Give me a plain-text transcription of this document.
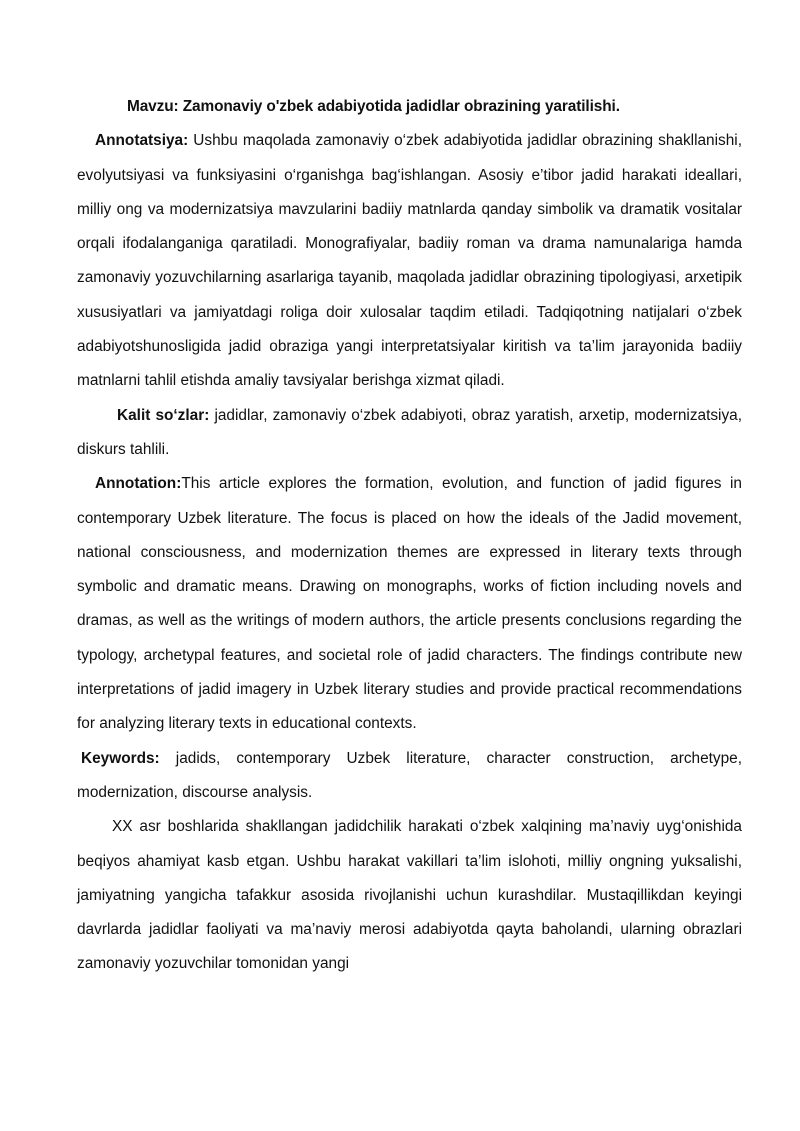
Mavzu: Zamonaviy o'zbek adabiyotida jadidlar obrazining yaratilishi.

Annotatsiya: Ushbu maqolada zamonaviy o‘zbek adabiyotida jadidlar obrazining shakllanishi, evolyutsiyasi va funksiyasini o‘rganishga bag‘ishlangan. Asosiy e’tibor jadid harakati ideallari, milliy ong va modernizatsiya mavzularini badiiy matnlarda qanday simbolik va dramatik vositalar orqali ifodalanganiga qaratiladi. Monografiyalar, badiiy roman va drama namunalariga hamda zamonaviy yozuvchilarning asarlariga tayanib, maqolada jadidlar obrazining tipologiyasi, arxetipik xususiyatlari va jamiyatdagi roliga doir xulosalar taqdim etiladi. Tadqiqotning natijalari o‘zbek adabiyotshunosligida jadid obraziga yangi interpretatsiyalar kiritish va ta’lim jarayonida badiiy matnlarni tahlil etishda amaliy tavsiyalar berishga xizmat qiladi.

Kalit so‘zlar: jadidlar, zamonaviy o‘zbek adabiyoti, obraz yaratish, arxetip, modernizatsiya, diskurs tahlili.

Annotation:This article explores the formation, evolution, and function of jadid figures in contemporary Uzbek literature. The focus is placed on how the ideals of the Jadid movement, national consciousness, and modernization themes are expressed in literary texts through symbolic and dramatic means. Drawing on monographs, works of fiction including novels and dramas, as well as the writings of modern authors, the article presents conclusions regarding the typology, archetypal features, and societal role of jadid characters. The findings contribute new interpretations of jadid imagery in Uzbek literary studies and provide practical recommendations for analyzing literary texts in educational contexts.

Keywords: jadids, contemporary Uzbek literature, character construction, archetype, modernization, discourse analysis.

XX asr boshlarida shakllangan jadidchilik harakati o‘zbek xalqining ma’naviy uyg‘onishida beqiyos ahamiyat kasb etgan. Ushbu harakat vakillari ta’lim islohoti, milliy ongning yuksalishi, jamiyatning yangicha tafakkur asosida rivojlanishi uchun kurashdilar. Mustaqillikdan keyingi davrlarda jadidlar faoliyati va ma’naviy merosi adabiyotda qayta baholandi, ularning obrazlari zamonaviy yozuvchilar tomonidan yangi
